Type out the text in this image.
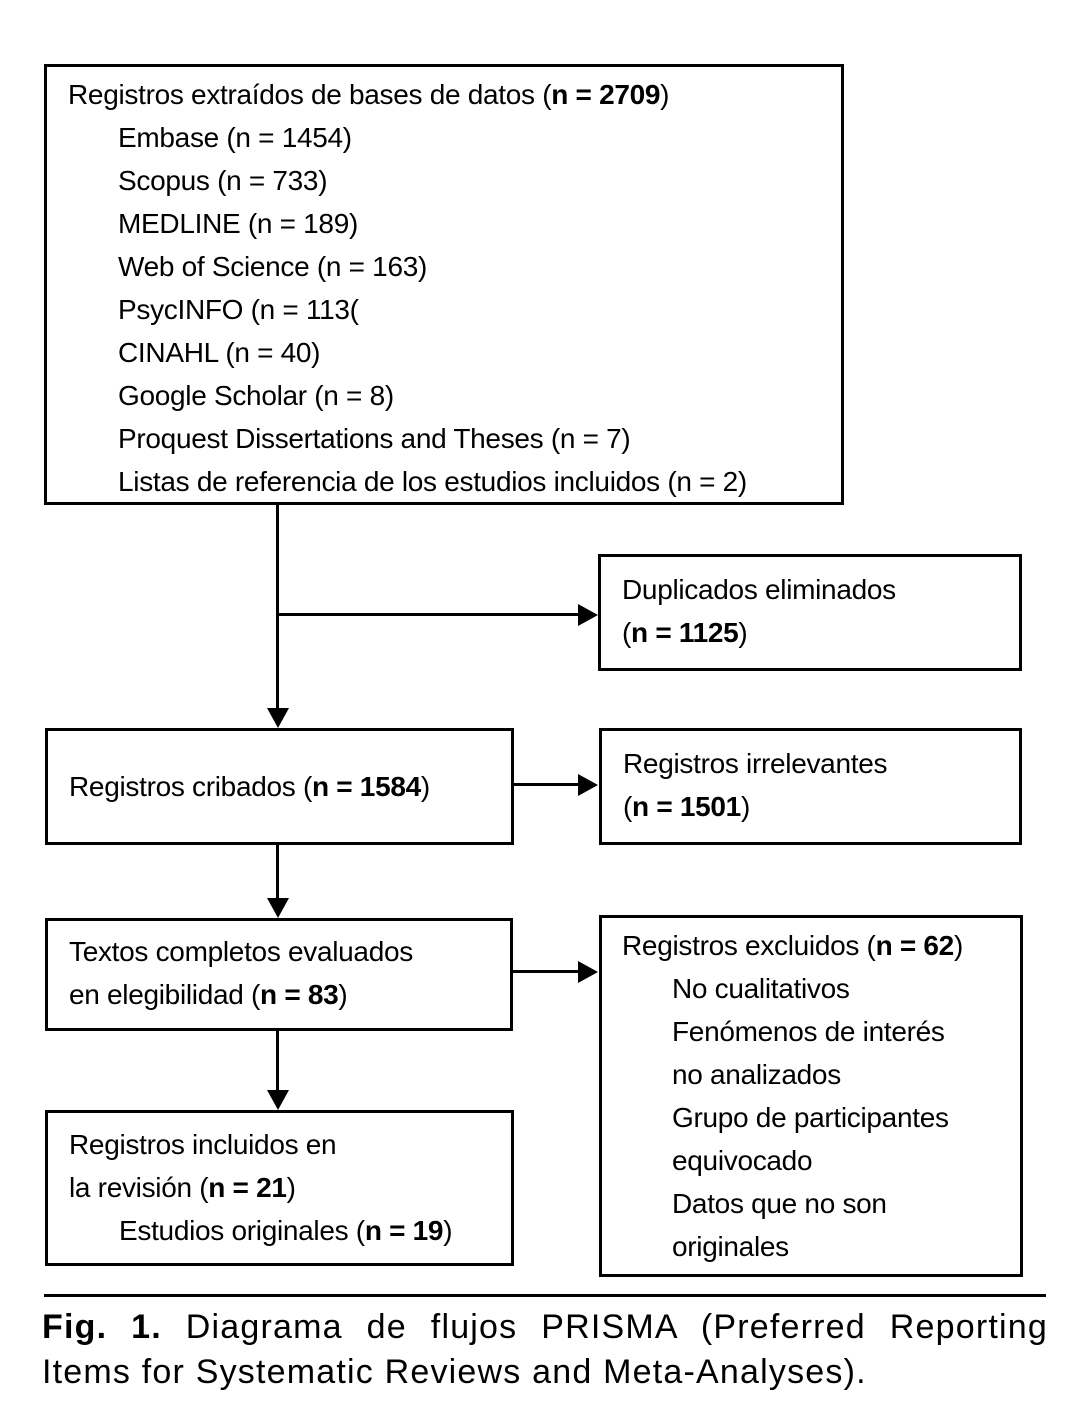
Registros extraídos de bases de datos (n = 2709)
Embase (n = 1454)
Scopus (n = 733)
MEDLINE (n = 189)
Web of Science (n = 163)
PsycINFO (n = 113(
CINAHL (n = 40)
Google Scholar (n = 8)
Proquest Dissertations and Theses (n = 7)
Listas de referencia de los estudios incluidos (n = 2)
Duplicados eliminados
(n = 1125)
Registros cribados (n = 1584)
Registros irrelevantes
(n = 1501)
Textos completos evaluados
en elegibilidad (n = 83)
Registros excluidos (n = 62)
No cualitativos
Fenómenos de interés
no analizados
Grupo de participantes
equivocado
Datos que no son
originales
Registros incluidos en
la revisión (n = 21)
Estudios originales (n = 19)
Fig. 1. Diagrama de flujos PRISMA (Preferred Reporting
Items for Systematic Reviews and Meta-Analyses).
